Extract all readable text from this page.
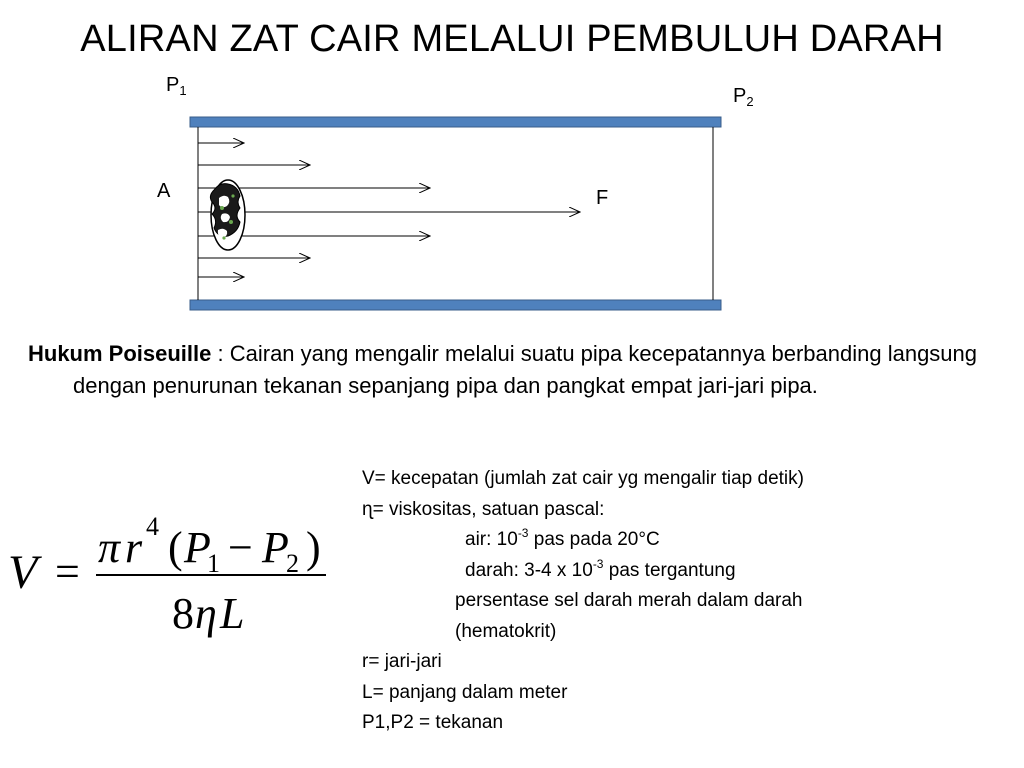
ALIRAN ZAT CAIR MELALUI PEMBULUH DARAH
$P_1$	$P_2$
A	F
Hukum Poiseuille : Cairan yang mengalir melalui suatu pipa kecepatannya berbanding langsung dengan penurunan tekanan sepanjang pipa dan pangkat empat jari-jari pipa.
V = π r 4 ( P
1 − P
2 )
8 η L
V= kecepatan (jumlah zat cair yg mengalir tiap detik)
ɳ= viskositas, satuan pascal:
air: $10^{-3}$ pas pada 20°C
darah: 3-4 x $10^{-3}$ pas tergantung
persentase sel darah merah dalam darah
(hematokrit)
r= jari-jari
L= panjang dalam meter
P1,P2 = tekanan
